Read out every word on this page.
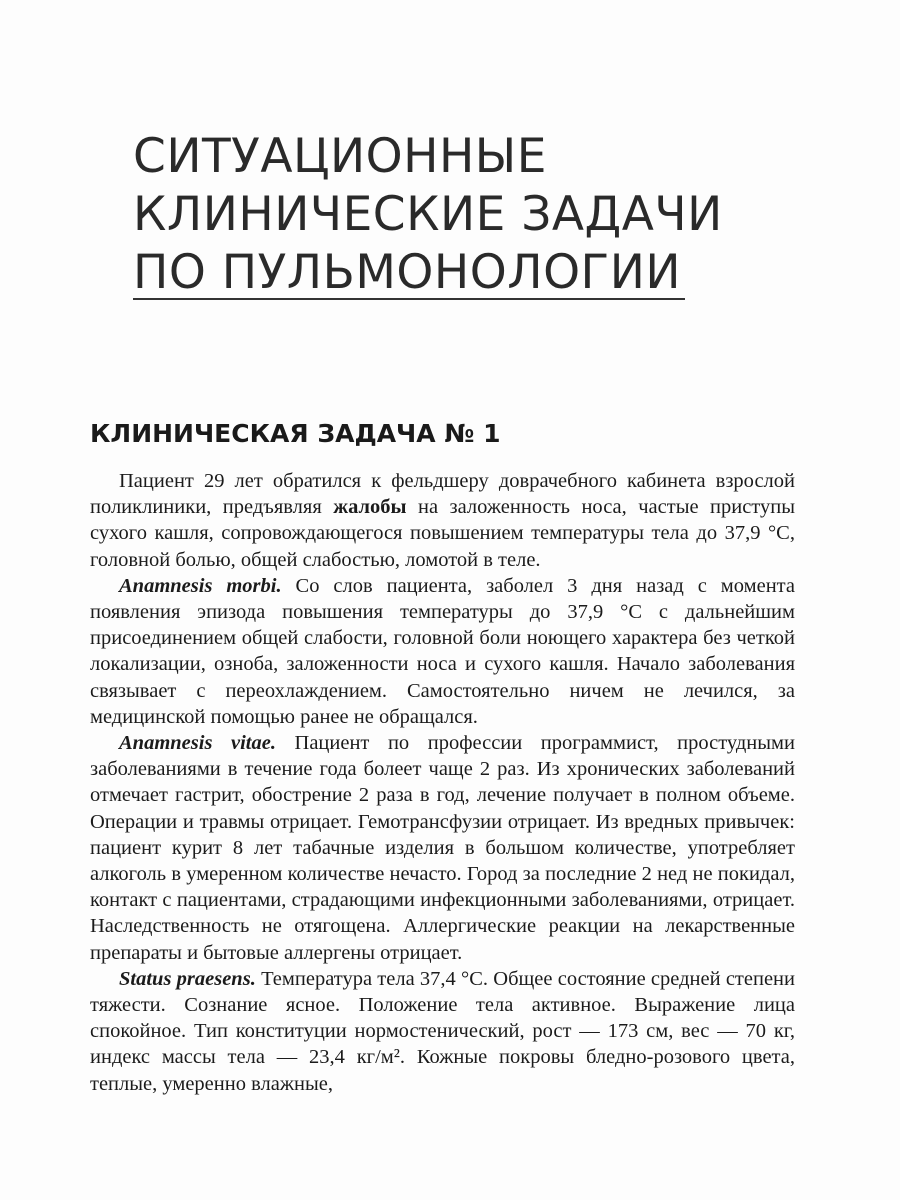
СИТУАЦИОННЫЕ
КЛИНИЧЕСКИЕ ЗАДАЧИ
ПО ПУЛЬМОНОЛОГИИ
КЛИНИЧЕСКАЯ ЗАДАЧА № 1

Пациент 29 лет обратился к фельдшеру доврачебного кабинета взрослой поликлиники, предъявляя жалобы на заложенность носа, частые приступы сухого кашля, сопровождающегося повышением температуры тела до 37,9 °С, головной болью, общей слабостью, ломотой в теле.

Anamnesis morbi. Со слов пациента, заболел 3 дня назад с момента появления эпизода повышения температуры до 37,9 °С с дальнейшим присоединением общей слабости, головной боли ноющего характера без четкой локализации, озноба, заложенности носа и сухого кашля. Начало заболевания связывает с переохлаждением. Самостоятельно ничем не лечился, за медицинской помощью ранее не обращался.

Anamnesis vitae. Пациент по профессии программист, простудными заболеваниями в течение года болеет чаще 2 раз. Из хронических заболеваний отмечает гастрит, обострение 2 раза в год, лечение получает в полном объеме. Операции и травмы отрицает. Гемотрансфузии отрицает. Из вредных привычек: пациент курит 8 лет табачные изделия в большом количестве, употребляет алкоголь в умеренном количестве нечасто. Город за последние 2 нед не покидал, контакт с пациентами, страдающими инфекционными заболеваниями, отрицает. Наследственность не отягощена. Аллергические реакции на лекарственные препараты и бытовые аллергены отрицает.

Status praesens. Температура тела 37,4 °С. Общее состояние средней степени тяжести. Сознание ясное. Положение тела активное. Выражение лица спокойное. Тип конституции нормостенический, рост — 173 см, вес — 70 кг, индекс массы тела — 23,4 кг/м². Кожные покровы бледно-розового цвета, теплые, умеренно влажные,
